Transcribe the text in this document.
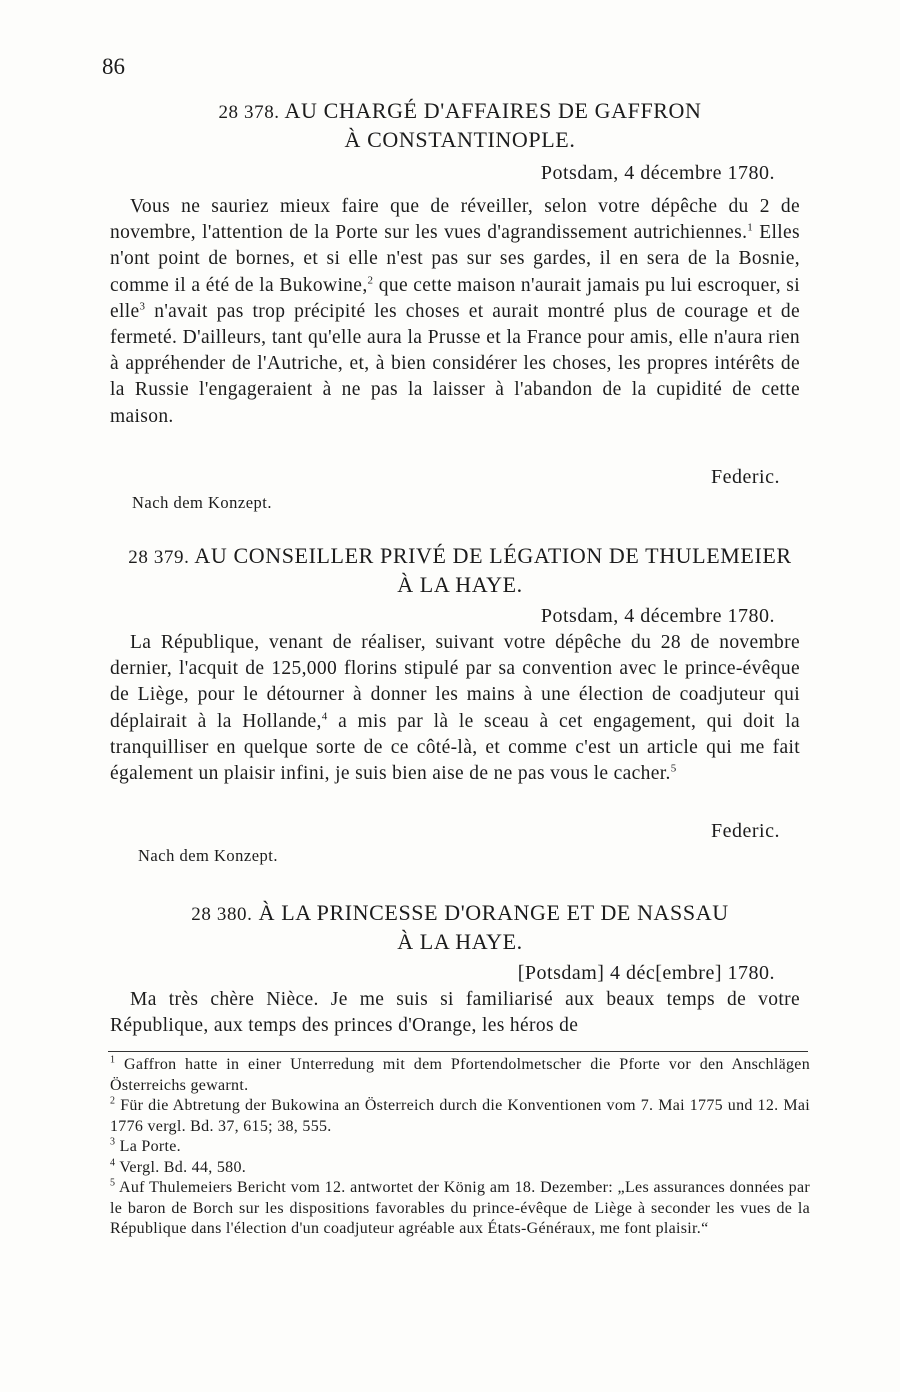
86
28 378. AU CHARGÉ D'AFFAIRES DE GAFFRON
À CONSTANTINOPLE.
Potsdam, 4 décembre 1780.

Vous ne sauriez mieux faire que de réveiller, selon votre dépêche du 2 de novembre, l'attention de la Porte sur les vues d'agrandissement autrichiennes.$^1$ Elles n'ont point de bornes, et si elle n'est pas sur ses gardes, il en sera de la Bosnie, comme il a été de la Bukowine,$^2$ que cette maison n'aurait jamais pu lui escroquer, si elle$^3$ n'avait pas trop précipité les choses et aurait montré plus de courage et de fermeté. D'ailleurs, tant qu'elle aura la Prusse et la France pour amis, elle n'aura rien à appréhender de l'Autriche, et, à bien considérer les choses, les propres intérêts de la Russie l'engageraient à ne pas la laisser à l'abandon de la cupidité de cette maison.

Federic.
Nach dem Konzept.
28 379. AU CONSEILLER PRIVÉ DE LÉGATION DE THULEMEIER
À LA HAYE.
Potsdam, 4 décembre 1780.

La République, venant de réaliser, suivant votre dépêche du 28 de novembre dernier, l'acquit de 125,000 florins stipulé par sa convention avec le prince-évêque de Liège, pour le détourner à donner les mains à une élection de coadjuteur qui déplairait à la Hollande,$^4$ a mis par là le sceau à cet engagement, qui doit la tranquilliser en quelque sorte de ce côté-là, et comme c'est un article qui me fait également un plaisir infini, je suis bien aise de ne pas vous le cacher.$^5$

Federic.
Nach dem Konzept.
28 380. À LA PRINCESSE D'ORANGE ET DE NASSAU
À LA HAYE.
[Potsdam] 4 déc[embre] 1780.

Ma très chère Nièce. Je me suis si familiarisé aux beaux temps de votre République, aux temps des princes d'Orange, les héros de

$^1$ Gaffron hatte in einer Unterredung mit dem Pfortendolmetscher die Pforte vor den Anschlägen Österreichs gewarnt.
$^2$ Für die Abtretung der Bukowina an Österreich durch die Konventionen vom 7. Mai 1775 und 12. Mai 1776 vergl. Bd. 37, 615; 38, 555.
$^3$ La Porte.
$^4$ Vergl. Bd. 44, 580.
$^5$ Auf Thulemeiers Bericht vom 12. antwortet der König am 18. Dezember: „Les assurances données par le baron de Borch sur les dispositions favorables du prince-évêque de Liège à seconder les vues de la République dans l'élection d'un coadjuteur agréable aux États-Généraux, me font plaisir.“
